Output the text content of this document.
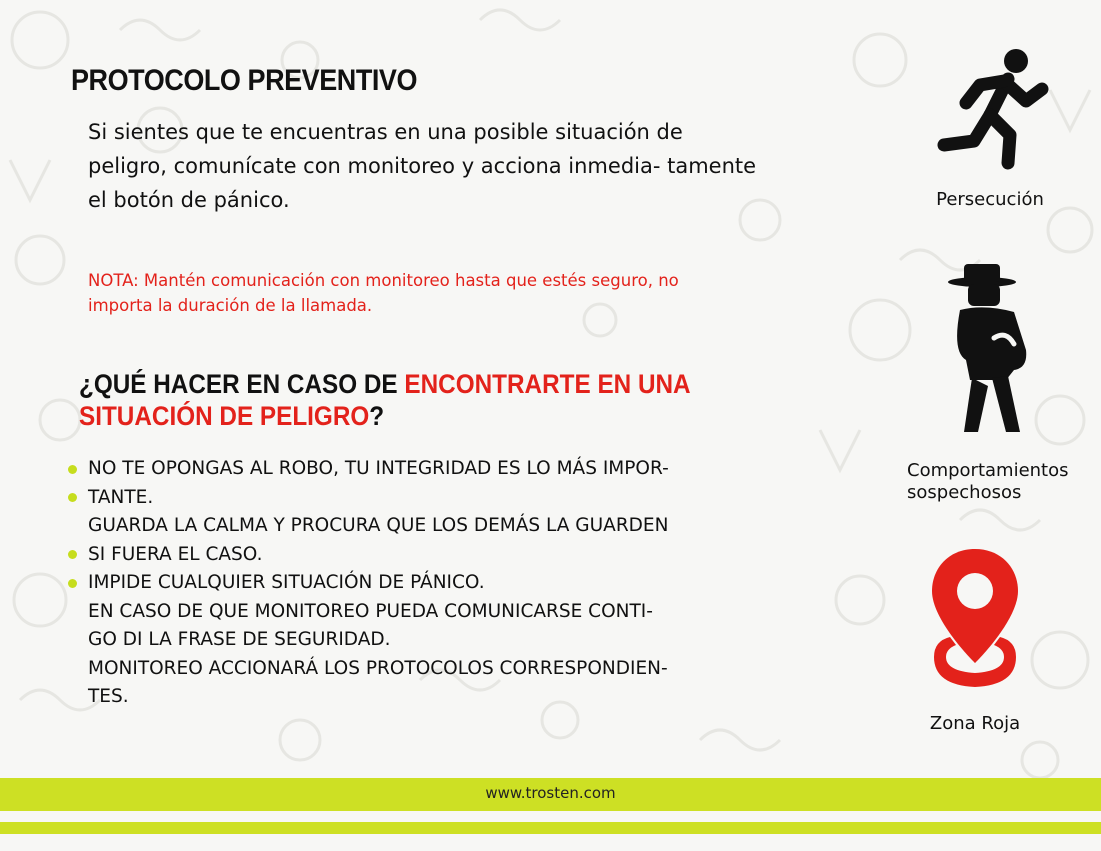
PROTOCOLO PREVENTIVO

Si sientes que te encuentras en una posible situación de peligro, comunícate con monitoreo y acciona inmedia- tamente el botón de pánico.

NOTA: Mantén comunicación con monitoreo hasta que estés seguro, no importa la duración de la llamada.

¿QUÉ HACER EN CASO DE ENCONTRARTE EN UNA SITUACIÓN DE PELIGRO?
NO TE OPONGAS AL ROBO, TU INTEGRIDAD ES LO MÁS IMPOR-
TANTE.
GUARDA LA CALMA Y PROCURA QUE LOS DEMÁS LA GUARDEN
SI FUERA EL CASO.
IMPIDE CUALQUIER SITUACIÓN DE PÁNICO.
EN CASO DE QUE MONITOREO PUEDA COMUNICARSE CONTI-
GO DI LA FRASE DE SEGURIDAD.
MONITOREO ACCIONARÁ LOS PROTOCOLOS CORRESPONDIEN-
TES.
Persecución
Comportamientos sospechosos
Zona Roja
www.trosten.com
